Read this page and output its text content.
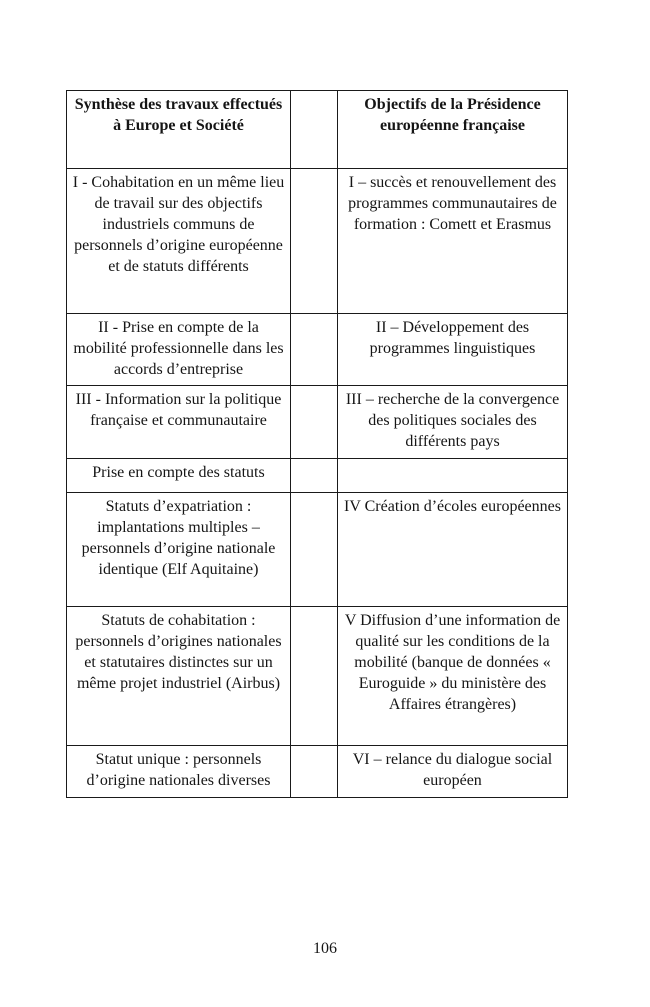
Synthèse des travaux effectués à Europe et Société		Objectifs de la Présidence européenne française
I - Cohabitation en un même lieu de travail sur des objectifs industriels communs de personnels d’origine européenne et de statuts différents		I – succès et renouvellement des programmes communautaires de formation : Comett et Erasmus
II - Prise en compte de la mobilité professionnelle dans les accords d’entreprise		II – Développement des programmes linguistiques
III - Information sur la politique française et communautaire		III – recherche de la convergence des politiques sociales des différents pays
Prise en compte des statuts		
Statuts d’expatriation : implantations multiples – personnels d’origine nationale identique (Elf Aquitaine)		IV Création d’écoles européennes
Statuts de cohabitation : personnels d’origines nationales et statutaires distinctes sur un même projet industriel (Airbus)		V Diffusion d’une information de qualité sur les conditions de la mobilité (banque de données « Euroguide » du ministère des Affaires étrangères)
Statut unique : personnels d’origine nationales diverses		VI – relance du dialogue social européen
106
